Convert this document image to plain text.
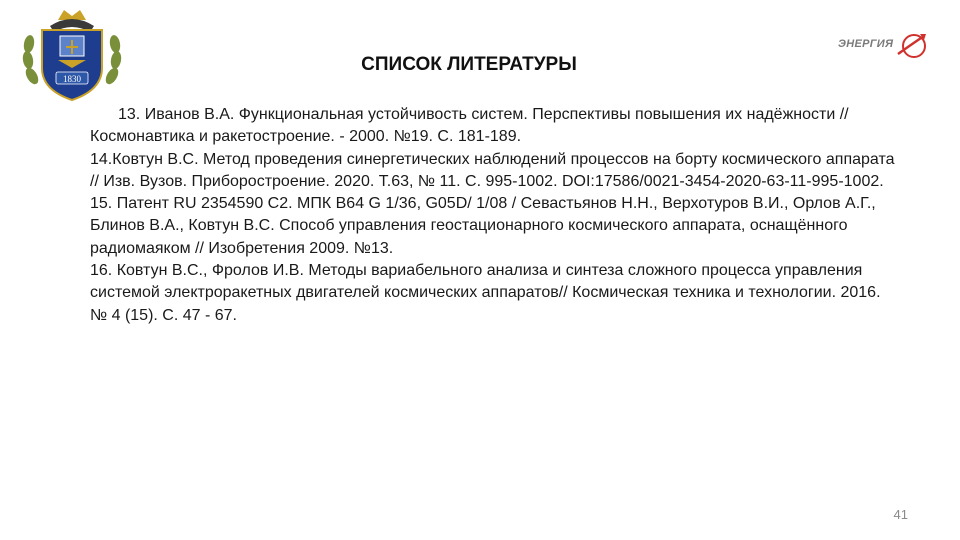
1830
ЭНЕРГИЯ
СПИСОК ЛИТЕРАТУРЫ

13. Иванов В.А. Функциональная устойчивость систем. Перспективы повышения их надёжности // Космонавтика и ракетостроение. - 2000. №19. С. 181-189.

14.Ковтун В.С. Метод проведения синергетических наблюдений процессов на борту космического аппарата // Изв. Вузов. Приборостроение. 2020. Т.63, № 11. С. 995-1002. DOI:17586/0021-3454-2020-63-11-995-1002.

15. Патент RU 2354590 C2. МПК B64 G 1/36, G05D/ 1/08 / Севастьянов Н.Н., Верхотуров В.И., Орлов А.Г., Блинов В.А., Ковтун В.С. Способ управления геостационарного космического аппарата, оснащённого радиомаяком // Изобретения 2009. №13.

16. Ковтун В.С., Фролов И.В. Методы вариабельного анализа и синтеза сложного процесса управления системой электроракетных двигателей космических аппаратов// Космическая техника и технологии. 2016. № 4 (15). С. 47 - 67.

41
